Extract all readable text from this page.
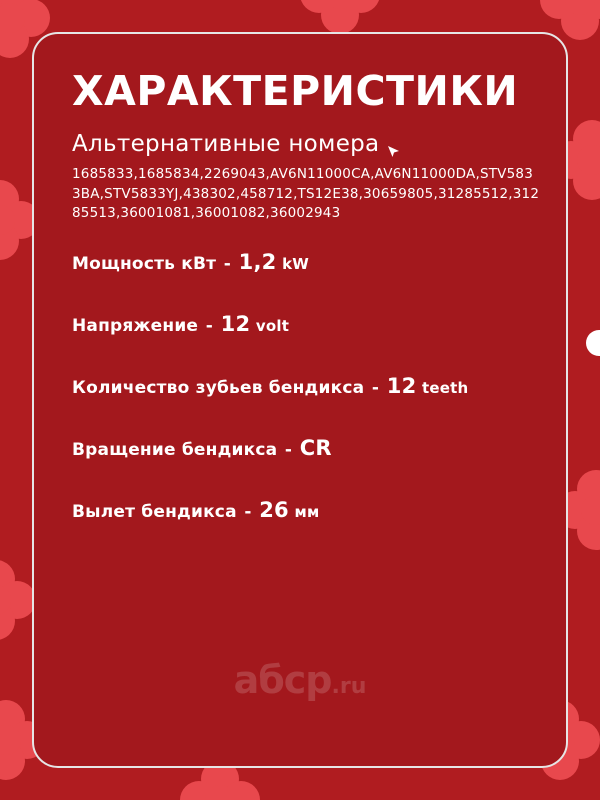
ХАРАКТЕРИСТИКИ
Альтернативные номера
1685833,1685834,2269043,AV6N11000CA,AV6N11000DA,STV5833BA,STV5833YJ,438302,458712,TS12E38,30659805,31285512,31285513,36001081,36001082,36002943
Мощность кВт - 1,2 kW
Напряжение - 12 volt
Количество зубьев бендикса - 12 teeth
Вращение бендикса - CR
Вылет бендикса - 26 мм
абср.ru
